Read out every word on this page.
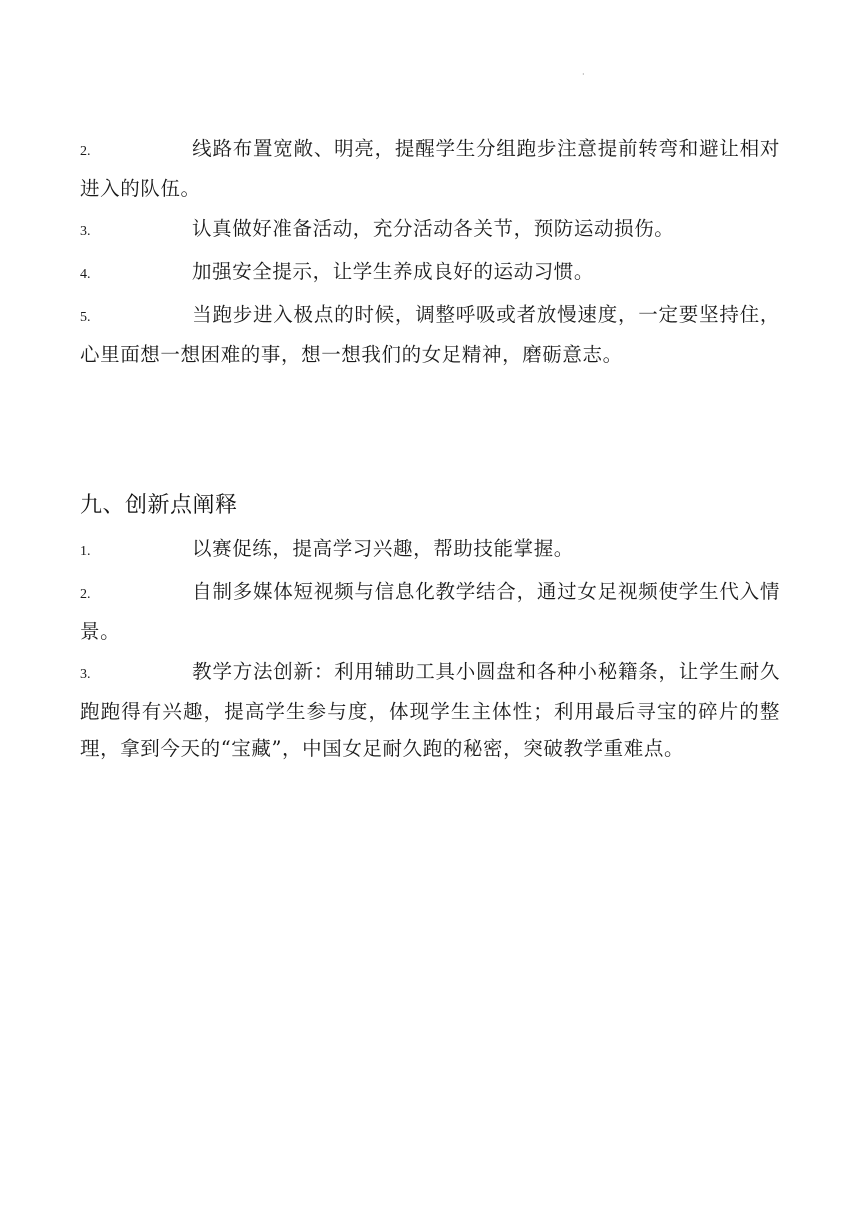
·

2.	线路布置宽敞、明亮，提醒学生分组跑步注意提前转弯和避让相对进入的队伍。

3.	认真做好准备活动，充分活动各关节，预防运动损伤。

4.	加强安全提示，让学生养成良好的运动习惯。

5.	当跑步进入极点的时候，调整呼吸或者放慢速度，一定要坚持住，心里面想一想困难的事，想一想我们的女足精神，磨砺意志。

九、创新点阐释

1.	以赛促练，提高学习兴趣，帮助技能掌握。

2.	自制多媒体短视频与信息化教学结合，通过女足视频使学生代入情景。

3.	教学方法创新：利用辅助工具小圆盘和各种小秘籍条，让学生耐久跑跑得有兴趣，提高学生参与度，体现学生主体性；利用最后寻宝的碎片的整理，拿到今天的“宝藏”，中国女足耐久跑的秘密，突破教学重难点。
